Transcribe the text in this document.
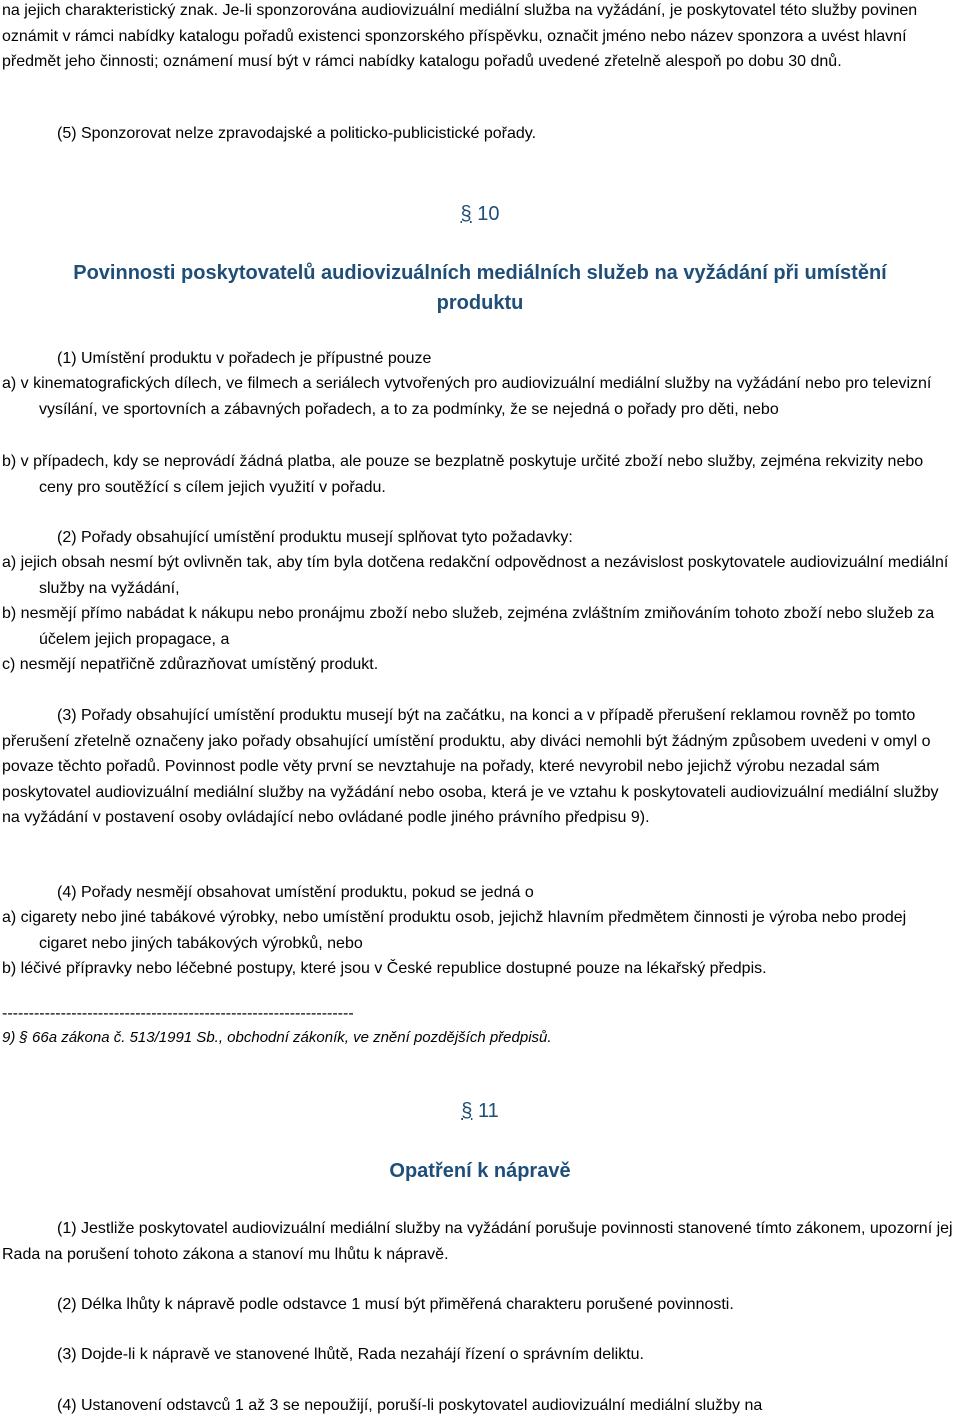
na jejich charakteristický znak. Je-li sponzorována audiovizuální mediální služba na vyžádání, je poskytovatel této služby povinen oznámit v rámci nabídky katalogu pořadů existenci sponzorského příspěvku, označit jméno nebo název sponzora a uvést hlavní předmět jeho činnosti; oznámení musí být v rámci nabídky katalogu pořadů uvedené zřetelně alespoň po dobu 30 dnů.

(5) Sponzorovat nelze zpravodajské a politicko-publicistické pořady.

§ 10
Povinnosti poskytovatelů audiovizuálních mediálních služeb na vyžádání při umístění produktu

(1) Umístění produktu v pořadech je přípustné pouze

a) v kinematografických dílech, ve filmech a seriálech vytvořených pro audiovizuální mediální služby na vyžádání nebo pro televizní vysílání, ve sportovních a zábavných pořadech, a to za podmínky, že se nejedná o pořady pro děti, nebo

b) v případech, kdy se neprovádí žádná platba, ale pouze se bezplatně poskytuje určité zboží nebo služby, zejména rekvizity nebo ceny pro soutěžící s cílem jejich využití v pořadu.

(2) Pořady obsahující umístění produktu musejí splňovat tyto požadavky:

a) jejich obsah nesmí být ovlivněn tak, aby tím byla dotčena redakční odpovědnost a nezávislost poskytovatele audiovizuální mediální služby na vyžádání,

b) nesmějí přímo nabádat k nákupu nebo pronájmu zboží nebo služeb, zejména zvláštním zmiňováním tohoto zboží nebo služeb za účelem jejich propagace, a

c) nesmějí nepatřičně zdůrazňovat umístěný produkt.

(3) Pořady obsahující umístění produktu musejí být na začátku, na konci a v případě přerušení reklamou rovněž po tomto přerušení zřetelně označeny jako pořady obsahující umístění produktu, aby diváci nemohli být žádným způsobem uvedeni v omyl o povaze těchto pořadů. Povinnost podle věty první se nevztahuje na pořady, které nevyrobil nebo jejichž výrobu nezadal sám poskytovatel audiovizuální mediální služby na vyžádání nebo osoba, která je ve vztahu k poskytovateli audiovizuální mediální služby na vyžádání v postavení osoby ovládající nebo ovládané podle jiného právního předpisu 9).

(4) Pořady nesmějí obsahovat umístění produktu, pokud se jedná o

a) cigarety nebo jiné tabákové výrobky, nebo umístění produktu osob, jejichž hlavním předmětem činnosti je výroba nebo prodej cigaret nebo jiných tabákových výrobků, nebo

b) léčivé přípravky nebo léčebné postupy, které jsou v České republice dostupné pouze na lékařský předpis.

------------------------------------------------------------------
9) § 66a zákona č. 513/1991 Sb., obchodní zákoník, ve znění pozdějších předpisů.
§ 11
Opatření k nápravě

(1) Jestliže poskytovatel audiovizuální mediální služby na vyžádání porušuje povinnosti stanovené tímto zákonem, upozorní jej Rada na porušení tohoto zákona a stanoví mu lhůtu k nápravě.

(2) Délka lhůty k nápravě podle odstavce 1 musí být přiměřená charakteru porušené povinnosti.

(3) Dojde-li k nápravě ve stanovené lhůtě, Rada nezahájí řízení o správním deliktu.

(4) Ustanovení odstavců 1 až 3 se nepoužijí, poruší-li poskytovatel audiovizuální mediální služby na
